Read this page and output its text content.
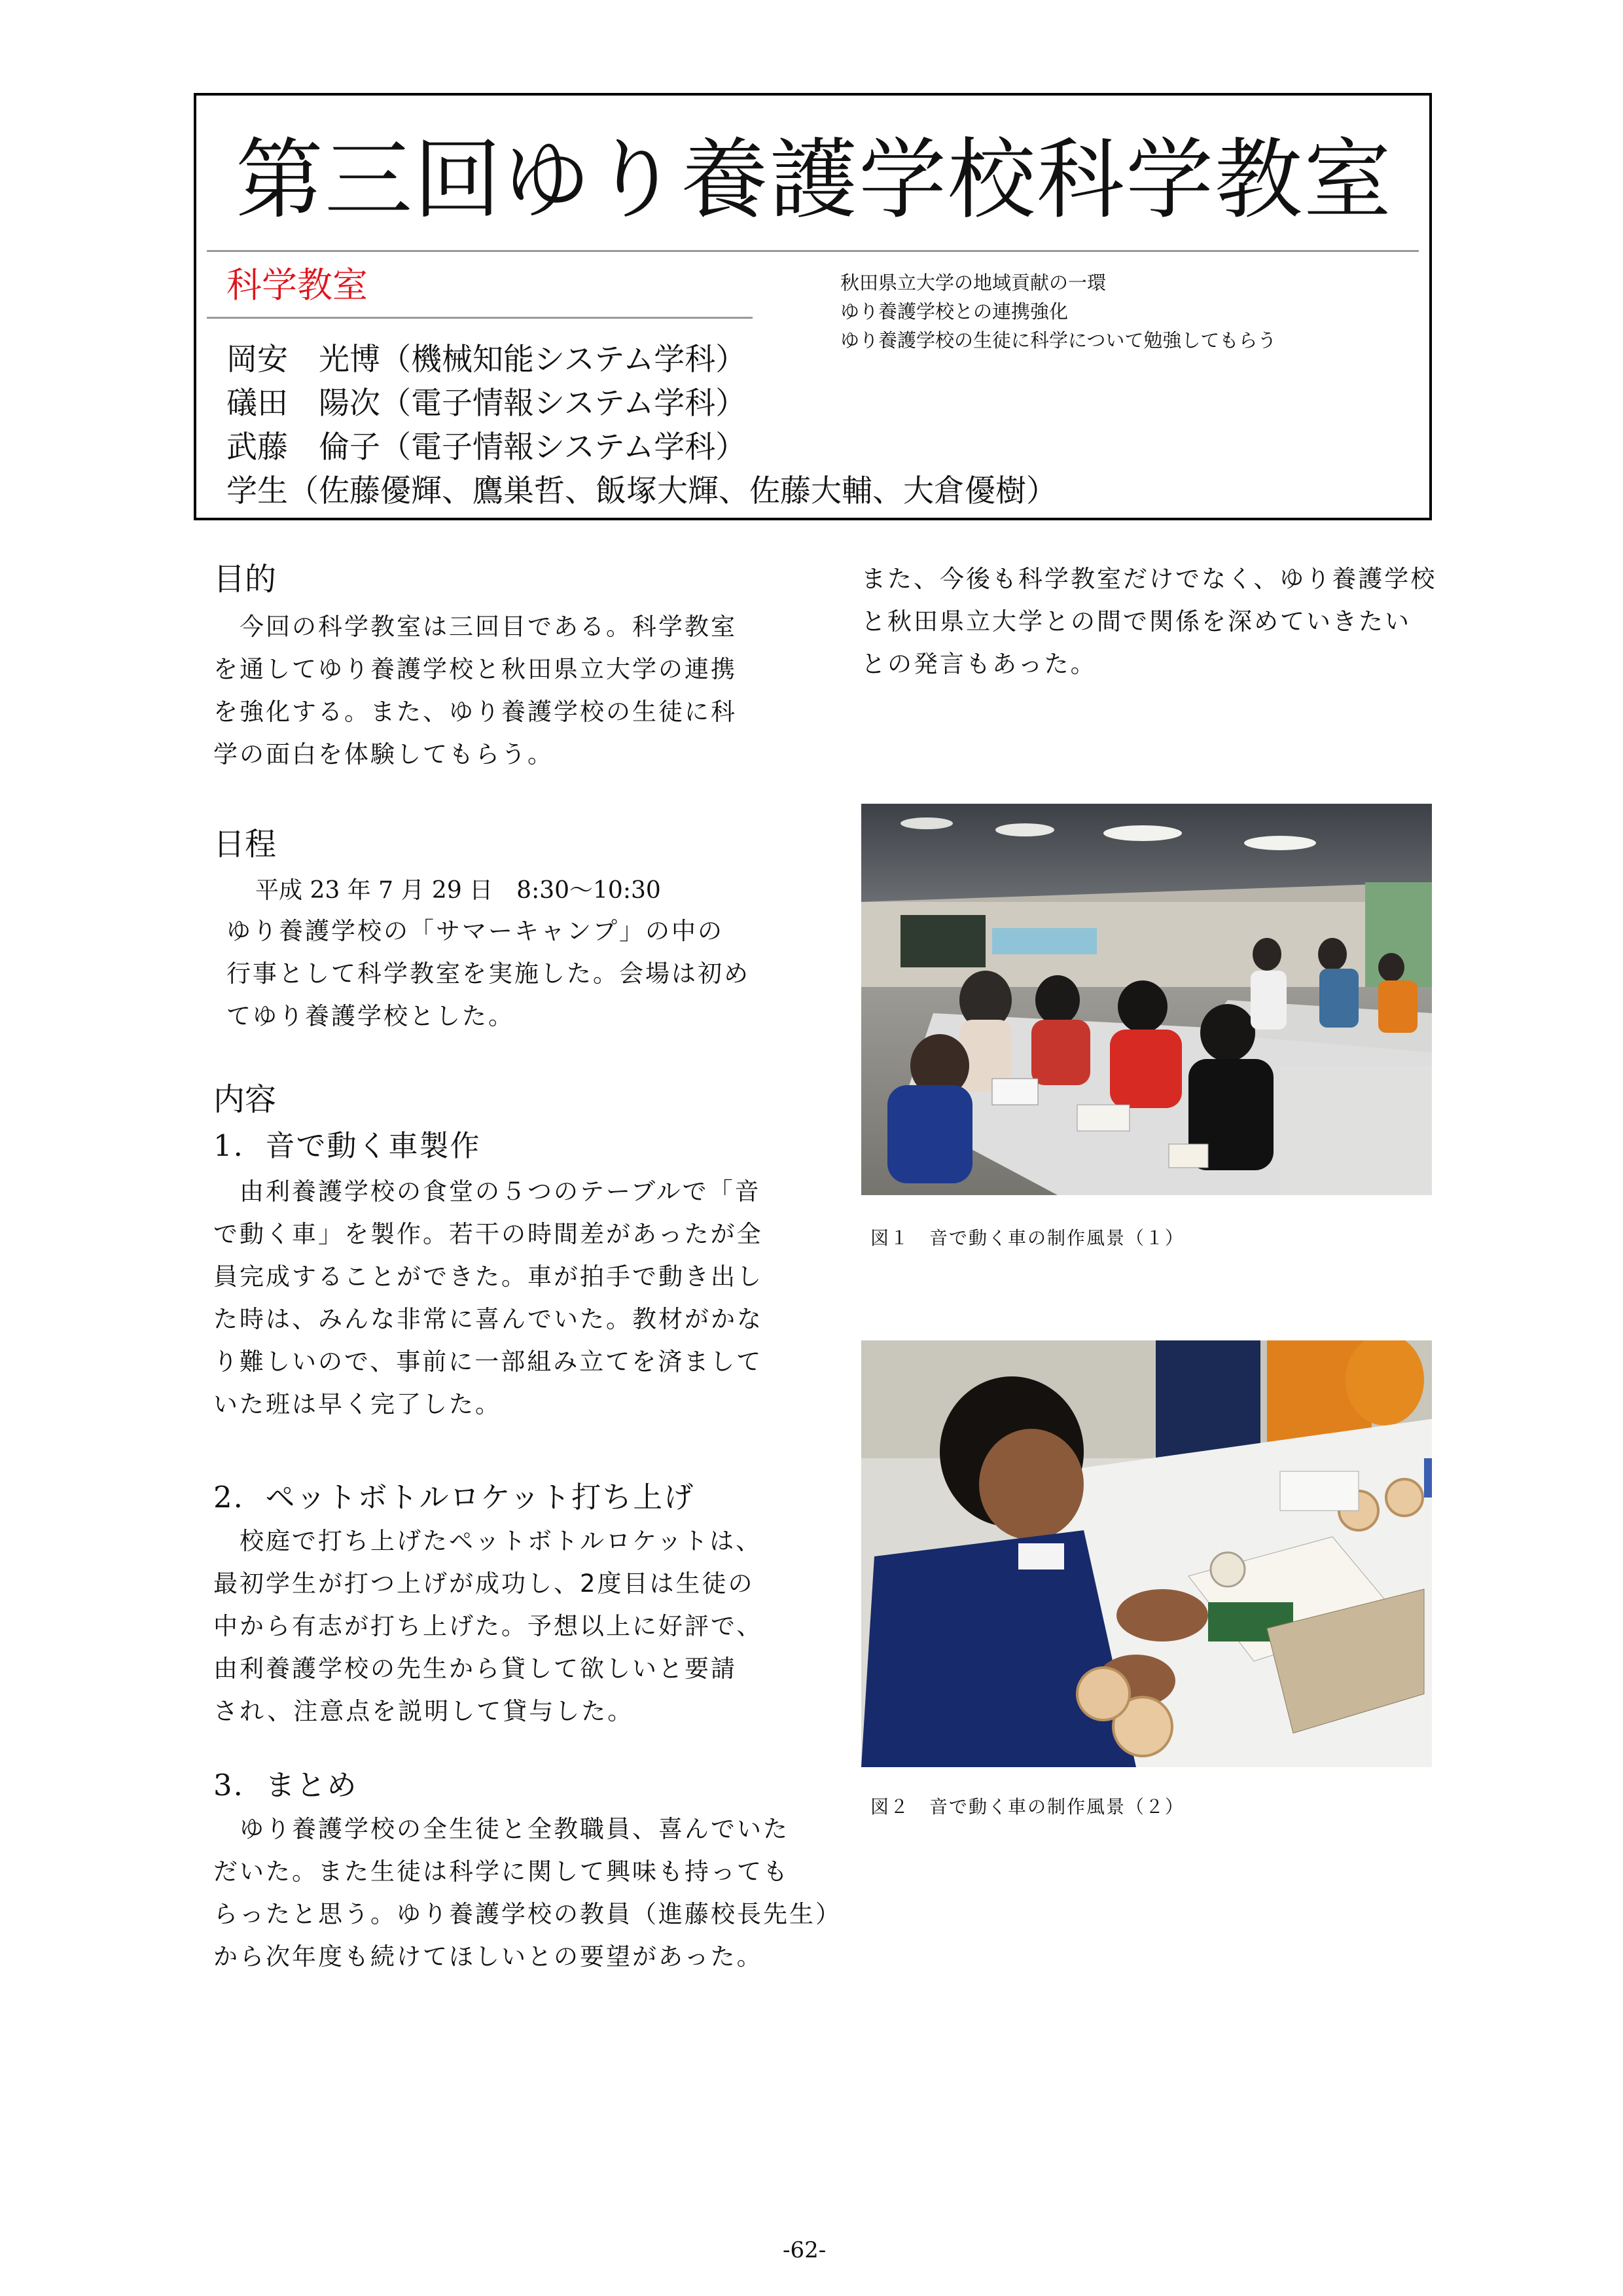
第三回ゆり養護学校科学教室
科学教室	秋田県立大学の地域貢献の一環
ゆり養護学校との連携強化
ゆり養護学校の生徒に科学について勉強してもらう
岡安　光博（機械知能システム学科）
礒田　陽次（電子情報システム学科）
武藤　倫子（電子情報システム学科）
学生（佐藤優輝、鷹巣哲、飯塚大輝、佐藤大輔、大倉優樹）
目的
　今回の科学教室は三回目である。科学教室
を通してゆり養護学校と秋田県立大学の連携
を強化する。また、ゆり養護学校の生徒に科
学の面白を体験してもらう。
日程
平成 23 年 7 月 29 日　8:30〜10:30
ゆり養護学校の「サマーキャンプ」の中の
行事として科学教室を実施した。会場は初め
てゆり養護学校とした。
内容
1. 音で動く車製作
　由利養護学校の食堂の５つのテーブルで「音
で動く車」を製作。若干の時間差があったが全
員完成することができた。車が拍手で動き出し
た時は、みんな非常に喜んでいた。教材がかな
り難しいので、事前に一部組み立てを済まして
いた班は早く完了した。
2. ペットボトルロケット打ち上げ
　校庭で打ち上げたペットボトルロケットは、
最初学生が打つ上げが成功し、2度目は生徒の
中から有志が打ち上げた。予想以上に好評で、
由利養護学校の先生から貸して欲しいと要請
され、注意点を説明して貸与した。
3. まとめ
　ゆり養護学校の全生徒と全教職員、喜んでいた
だいた。また生徒は科学に関して興味も持っても
らったと思う。ゆり養護学校の教員（進藤校長先生）
から次年度も続けてほしいとの要望があった。
また、今後も科学教室だけでなく、ゆり養護学校
と秋田県立大学との間で関係を深めていきたい
との発言もあった。
図１　音で動く車の制作風景（１）
図２　音で動く車の制作風景（２）
-62-
